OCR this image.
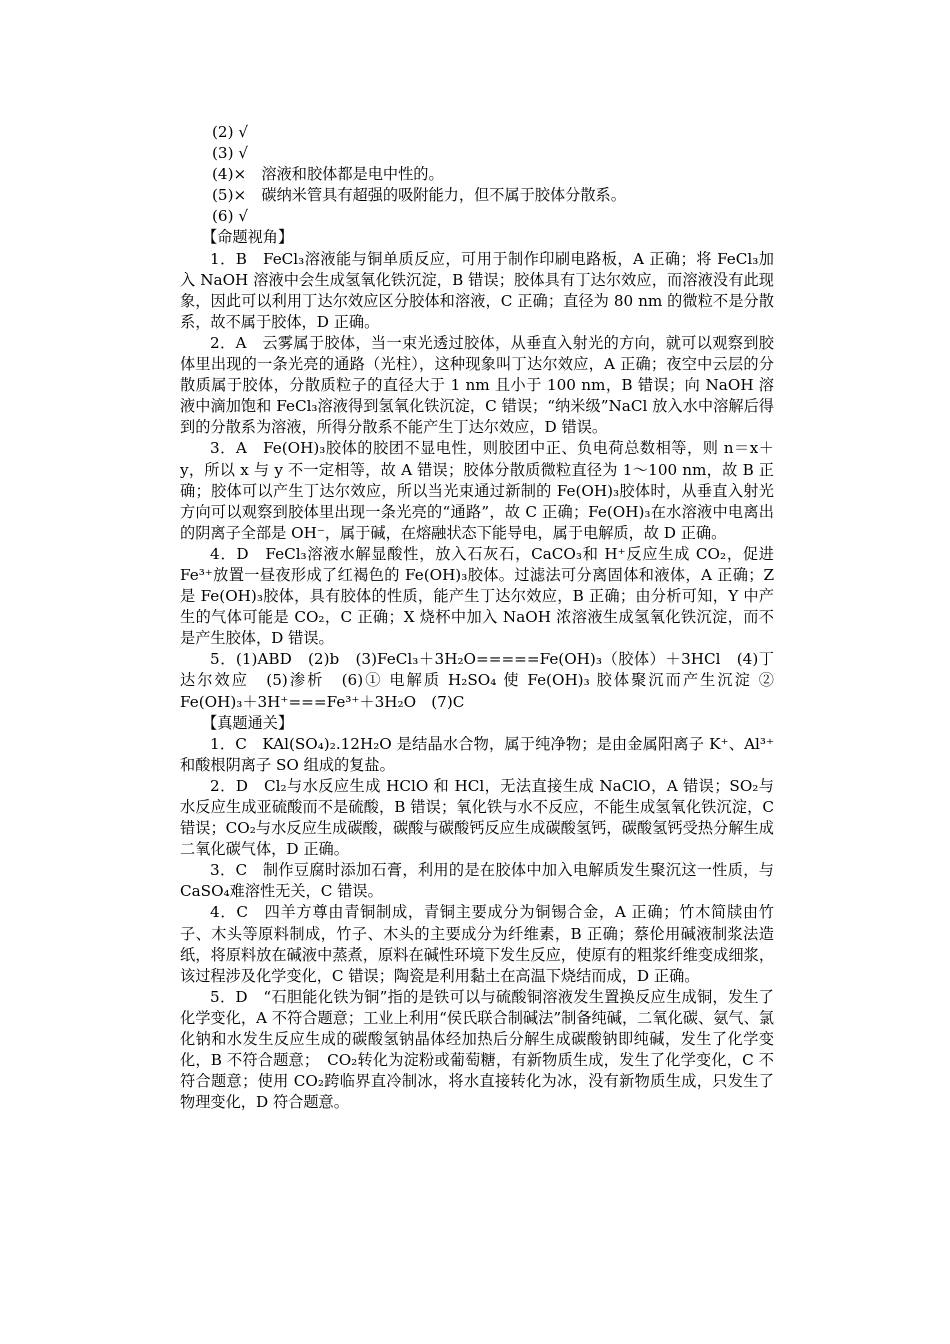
(2) √
(3) √
(4)×　溶液和胶体都是电中性的。
(5)×　碳纳米管具有超强的吸附能力，但不属于胶体分散系。
(6) √
【命题视角】

1．B　FeCl₃溶液能与铜单质反应，可用于制作印刷电路板，A 正确；将 FeCl₃加入 NaOH 溶液中会生成氢氧化铁沉淀，B 错误；胶体具有丁达尔效应，而溶液没有此现象，因此可以利用丁达尔效应区分胶体和溶液，C 正确；直径为 80 nm 的微粒不是分散系，故不属于胶体，D 正确。

2．A　云雾属于胶体，当一束光透过胶体，从垂直入射光的方向，就可以观察到胶体里出现的一条光亮的通路（光柱），这种现象叫丁达尔效应，A 正确；夜空中云层的分散质属于胶体，分散质粒子的直径大于 1 nm 且小于 100 nm，B 错误；向 NaOH 溶液中滴加饱和 FeCl₃溶液得到氢氧化铁沉淀，C 错误；“纳米级”NaCl 放入水中溶解后得到的分散系为溶液，所得分散系不能产生丁达尔效应，D 错误。

3．A　Fe(OH)₃胶体的胶团不显电性，则胶团中正、负电荷总数相等，则 n＝x＋y，所以 x 与 y 不一定相等，故 A 错误；胶体分散质微粒直径为 1～100 nm，故 B 正确；胶体可以产生丁达尔效应，所以当光束通过新制的 Fe(OH)₃胶体时，从垂直入射光方向可以观察到胶体里出现一条光亮的“通路”，故 C 正确；Fe(OH)₃在水溶液中电离出的阴离子全部是 OH⁻，属于碱，在熔融状态下能导电，属于电解质，故 D 正确。

4．D　FeCl₃溶液水解显酸性，放入石灰石，CaCO₃和 H⁺反应生成 CO₂，促进 Fe³⁺放置一昼夜形成了红褐色的 Fe(OH)₃胶体。过滤法可分离固体和液体，A 正确；Z 是 Fe(OH)₃胶体，具有胶体的性质，能产生丁达尔效应，B 正确；由分析可知，Y 中产生的气体可能是 CO₂，C 正确；X 烧杯中加入 NaOH 浓溶液生成氢氧化铁沉淀，而不是产生胶体，D 错误。

5．(1)ABD　(2)b　(3)FeCl₃＋3H₂O=====Fe(OH)₃（胶体）＋3HCl　(4)丁达尔效应　(5)渗析　(6)① 电解质 H₂SO₄ 使 Fe(OH)₃ 胶体聚沉而产生沉淀 ② Fe(OH)₃＋3H⁺===Fe³⁺＋3H₂O　(7)C

【真题通关】

1．C　KAl(SO₄)₂.12H₂O 是结晶水合物，属于纯净物；是由金属阳离子 K⁺、Al³⁺和酸根阴离子 SO 组成的复盐。

2．D　Cl₂与水反应生成 HClO 和 HCl，无法直接生成 NaClO，A 错误；SO₂与水反应生成亚硫酸而不是硫酸，B 错误；氧化铁与水不反应，不能生成氢氧化铁沉淀，C 错误；CO₂与水反应生成碳酸，碳酸与碳酸钙反应生成碳酸氢钙，碳酸氢钙受热分解生成二氧化碳气体，D 正确。

3．C　制作豆腐时添加石膏，利用的是在胶体中加入电解质发生聚沉这一性质，与 CaSO₄难溶性无关，C 错误。

4．C　四羊方尊由青铜制成，青铜主要成分为铜锡合金，A 正确；竹木简牍由竹子、木头等原料制成，竹子、木头的主要成分为纤维素，B 正确；蔡伦用碱液制浆法造纸，将原料放在碱液中蒸煮，原料在碱性环境下发生反应，使原有的粗浆纤维变成细浆，该过程涉及化学变化，C 错误；陶瓷是利用黏土在高温下烧结而成，D 正确。

5．D　“石胆能化铁为铜”指的是铁可以与硫酸铜溶液发生置换反应生成铜，发生了化学变化，A 不符合题意；工业上利用“侯氏联合制碱法”制备纯碱，二氧化碳、氨气、氯化钠和水发生反应生成的碳酸氢钠晶体经加热后分解生成碳酸钠即纯碱，发生了化学变化，B 不符合题意；　CO₂转化为淀粉或葡萄糖，有新物质生成，发生了化学变化，C 不符合题意；使用 CO₂跨临界直冷制冰，将水直接转化为冰，没有新物质生成，只发生了物理变化，D 符合题意。
